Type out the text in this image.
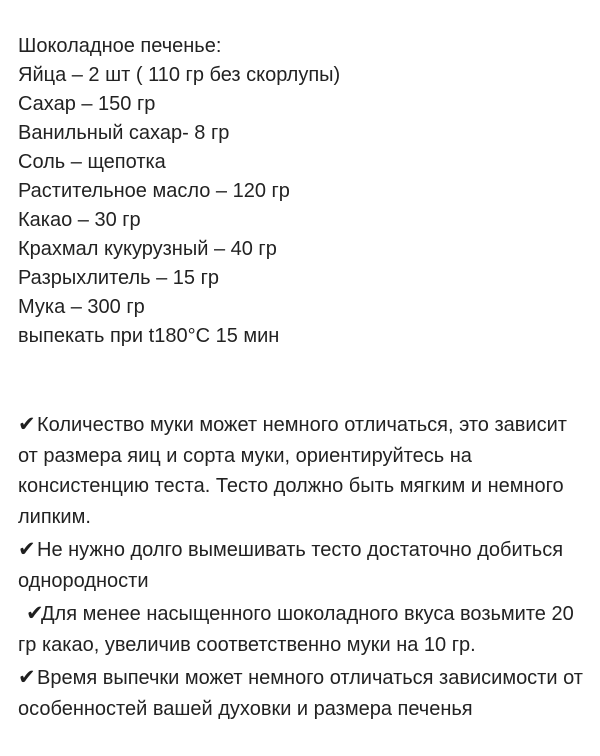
Шоколадное печенье:
Яйца – 2 шт ( 110 гр без скорлупы)
Сахар – 150 гр
Ванильный сахар- 8 гр
Соль – щепотка
Растительное масло – 120 гр
Какао – 30 гр
Крахмал кукурузный – 40 гр
Разрыхлитель – 15 гр
Мука – 300 гр
выпекать при t180°C 15 мин
✔Количество муки может немного отличаться, это зависит от размера яиц и сорта муки, ориентируйтесь на консистенцию теста. Тесто должно быть мягким и немного липким.
✔Не нужно долго вымешивать тесто достаточно добиться однородности
✔Для менее насыщенного шоколадного вкуса возьмите 20 гр какао, увеличив соответственно муки на 10 гр.
✔Время выпечки может немного отличаться зависимости от особенностей вашей духовки и размера печенья
